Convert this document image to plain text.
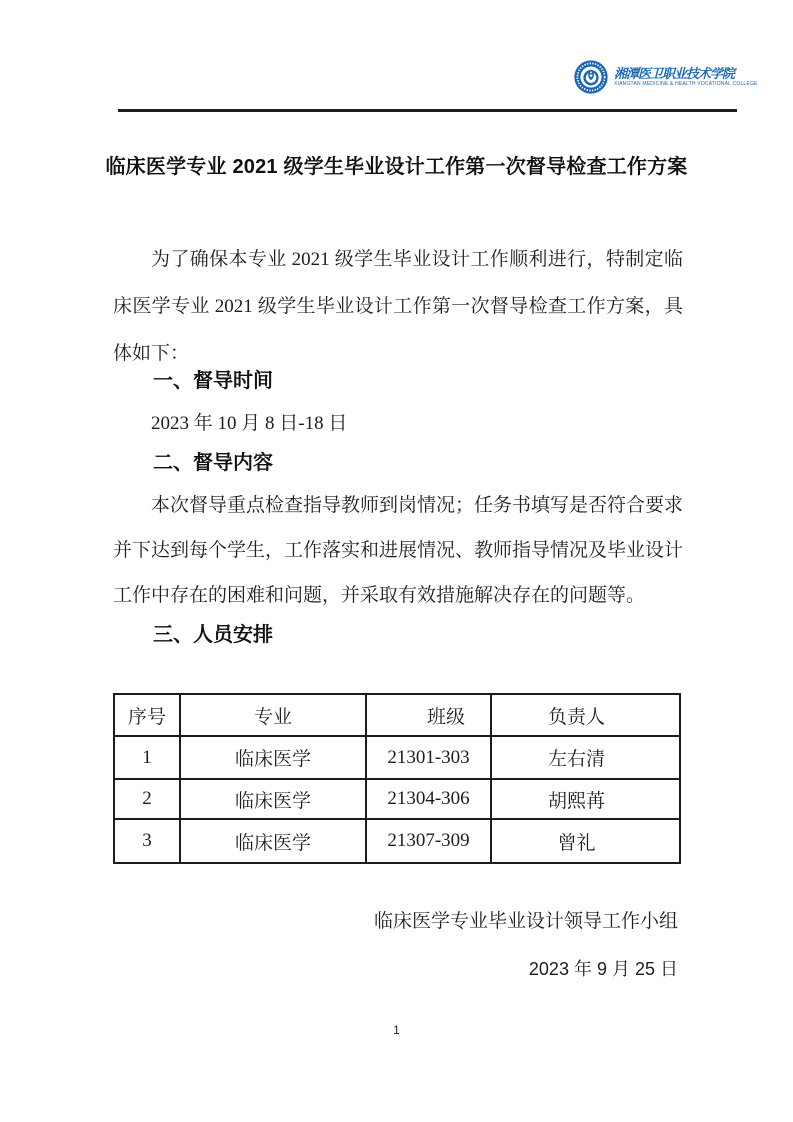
湘潭医卫职业技术学院
XIANGTAN MEDICINE & HEALTH VOCATIONAL COLLEGE
临床医学专业 2021 级学生毕业设计工作第一次督导检查工作方案

为了确保本专业 2021 级学生毕业设计工作顺利进行，特制定临床医学专业 2021 级学生毕业设计工作第一次督导检查工作方案，具体如下：

一、督导时间
2023 年 10 月 8 日-18 日
二、督导内容

本次督导重点检查指导教师到岗情况；任务书填写是否符合要求并下达到每个学生，工作落实和进展情况、教师指导情况及毕业设计工作中存在的困难和问题，并采取有效措施解决存在的问题等。

三、人员安排
序号	专业	班级	负责人
1	临床医学	21301-303	左右清
2	临床医学	21304-306	胡熙苒
3	临床医学	21307-309	曾礼
临床医学专业毕业设计领导工作小组
2023 年 9 月 25 日
1
